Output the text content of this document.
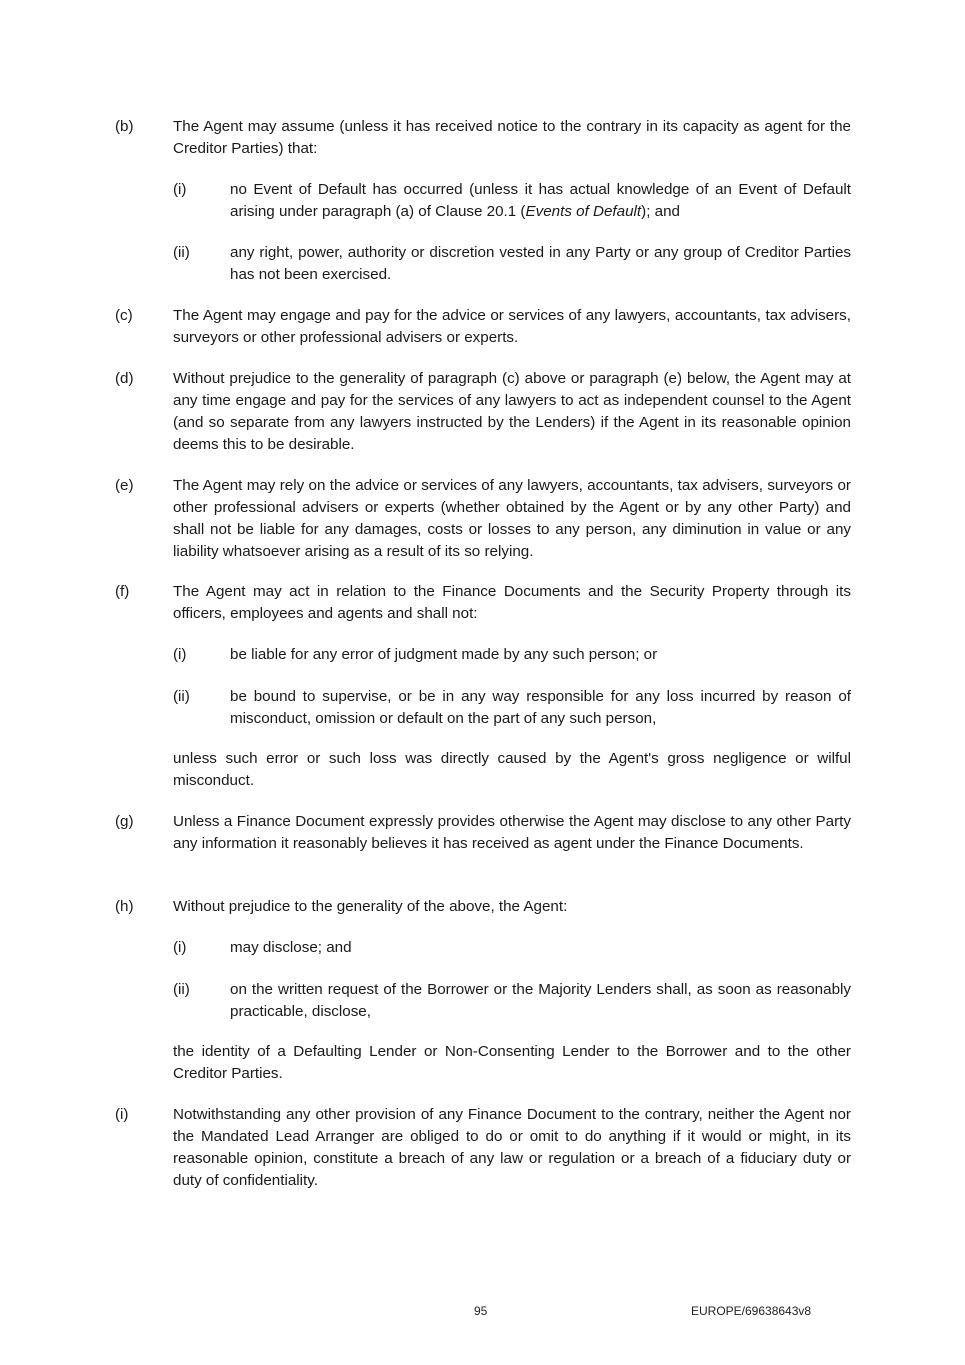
(b)	The Agent may assume (unless it has received notice to the contrary in its capacity as agent for the Creditor Parties) that:
(i)	no Event of Default has occurred (unless it has actual knowledge of an Event of Default arising under paragraph (a) of Clause 20.1 (Events of Default); and
(ii)	any right, power, authority or discretion vested in any Party or any group of Creditor Parties has not been exercised.
(c)	The Agent may engage and pay for the advice or services of any lawyers, accountants, tax advisers, surveyors or other professional advisers or experts.
(d)	Without prejudice to the generality of paragraph (c) above or paragraph (e) below, the Agent may at any time engage and pay for the services of any lawyers to act as independent counsel to the Agent (and so separate from any lawyers instructed by the Lenders) if the Agent in its reasonable opinion deems this to be desirable.
(e)	The Agent may rely on the advice or services of any lawyers, accountants, tax advisers, surveyors or other professional advisers or experts (whether obtained by the Agent or by any other Party) and shall not be liable for any damages, costs or losses to any person, any diminution in value or any liability whatsoever arising as a result of its so relying.
(f)	The Agent may act in relation to the Finance Documents and the Security Property through its officers, employees and agents and shall not:
(i)	be liable for any error of judgment made by any such person; or
(ii)	be bound to supervise, or be in any way responsible for any loss incurred by reason of misconduct, omission or default on the part of any such person,
unless such error or such loss was directly caused by the Agent's gross negligence or wilful misconduct.
(g)	Unless a Finance Document expressly provides otherwise the Agent may disclose to any other Party any information it reasonably believes it has received as agent under the Finance Documents.
(h)	Without prejudice to the generality of the above, the Agent:
(i)	may disclose; and
(ii)	on the written request of the Borrower or the Majority Lenders shall, as soon as reasonably practicable, disclose,
the identity of a Defaulting Lender or Non-Consenting Lender to the Borrower and to the other Creditor Parties.
(i)	Notwithstanding any other provision of any Finance Document to the contrary, neither the Agent nor the Mandated Lead Arranger are obliged to do or omit to do anything if it would or might, in its reasonable opinion, constitute a breach of any law or regulation or a breach of a fiduciary duty or duty of confidentiality.
95	EUROPE/69638643v8
